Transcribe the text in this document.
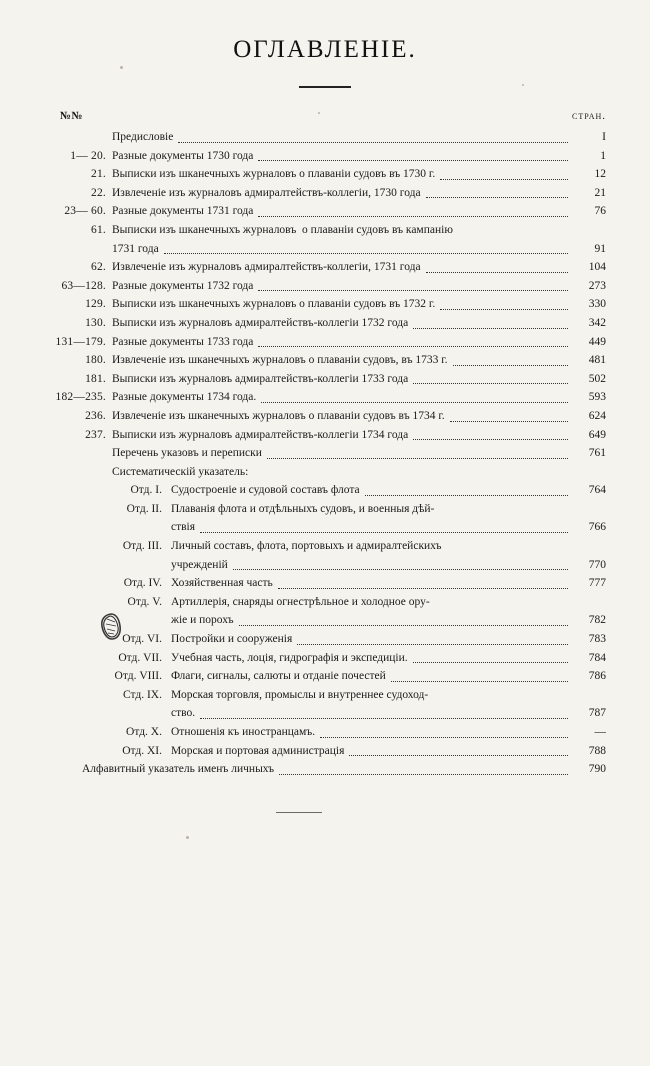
ОГЛАВЛЕНІЕ.
№№	стран.
Предисловіе	I
1— 20. Разные документы 1730 года	1
21. Выписки изъ шканечныхъ журналовъ о плаваніи судовъ въ 1730 г.	12
22. Извлеченіе изъ журналовъ адмиралтействъ-коллегіи, 1730 года	21
23— 60. Разные документы 1731 года	76
61. Выписки изъ шканечныхъ журналовъ  о плаваніи судовъ въ кампанію
1731 года	91
62. Извлеченіе изъ журналовъ адмиралтействъ-коллегіи, 1731 года	104
63—128. Разные документы 1732 года	273
129. Выписки изъ шканечныхъ журналовъ о плаваніи судовъ въ 1732 г.	330
130. Выписки изъ журналовъ адмиралтействъ-коллегіи 1732 года	342
131—179. Разные документы 1733 года	449
180. Извлеченіе изъ шканечныхъ журналовъ о плаваніи судовъ, въ 1733 г.	481
181. Выписки изъ журналовъ адмиралтействъ-коллегіи 1733 года	502
182—235. Разные документы 1734 года.	593
236. Извлеченіе изъ шканечныхъ журналовъ о плаваніи судовъ въ 1734 г.	624
237. Выписки изъ журналовъ адмиралтействъ-коллегіи 1734 года	649
Перечень указовъ и переписки	761
Систематическій указатель:
Отд. I. Судостроеніе и судовой составъ флота	764
Отд. II. Плаванія флота и отдѣльныхъ судовъ, и военныя дѣй-
ствія	766
Отд. III. Личный составъ, флота, портовыхъ и адмиралтейскихъ
учрежденій	770
Отд. IV. Хозяйственная часть	777
Отд. V. Артиллерія, снаряды огнестрѣльное и холодное ору-
жіе и порохъ	782
Отд. VI. Постройки и сооруженія	783
Отд. VII. Учебная часть, лоція, гидрографія и экспедиціи.	784
Отд. VIII. Флаги, сигналы, салюты и отданіе почестей	786
Стд. IX. Морская торговля, промыслы и внутреннее судоход-
ство.	787
Отд. X. Отношенія къ иностранцамъ.	—
Отд. XI. Морская и портовая администрація	788
Алфавитный указатель именъ личныхъ	790
